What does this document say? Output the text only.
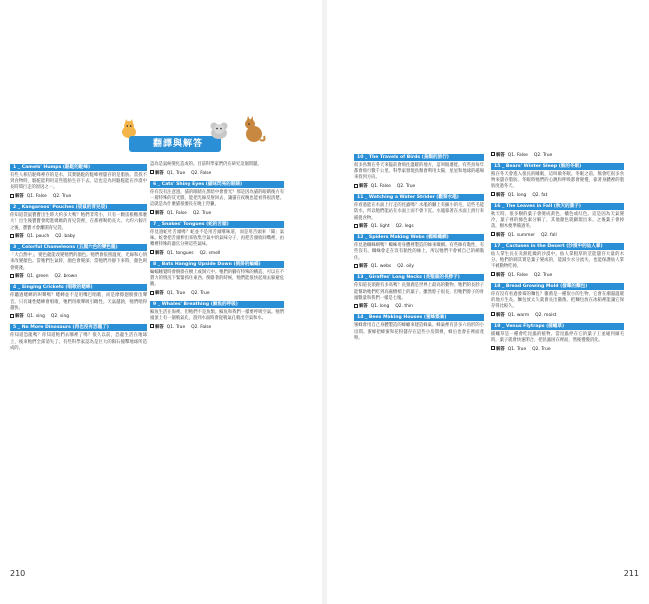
翻譯與解答
1 _ Camels' Humps (駱駝的駝峰)
有些人相信駝峰裡存的是水，其實駱駝的駝峰裡儲存的是脂肪。當找不到食物時，駱駝能利用這些脂肪生存下去。這也是為何駱駝能在沙漠中長時間行走的原因之一。
解答 Q1. False Q2. True
2 _ Kangaroos' Pouches (袋鼠的育兒袋)
你知道袋鼠寶寶出生時大約多大嗎？牠們非常小，只有一顆雷根糖那麼大！出生後寶寶會爬進媽媽的育兒袋裡，在那裡喝奶長大。大約六個月之後，寶寶才會離開育兒袋。
解答 Q1. pouch Q2. baby
3 _ Colorful Chameleons (五顏六色的變色龍)
「大自然中」，變色龍能改變牠們的顏色。牠們會依照溫度、光線和心情來改變顏色。當牠們生氣時，顏色會變深；當牠們冷靜下來時，顏色則會變淺。
解答 Q1. green Q2. brown
4 _ Singing Crickets (唱歌的蟋蟀)
你聽過蟋蟀的叫聲嗎？蟋蟀並不是用嘴巴唱歌，而是摩擦翅膀發出聲音。只有雄性蟋蟀會唱歌，牠們用歌聲吸引雌性。天氣越熱，牠們唱得越快。
解答 Q1. sing Q2. sing
5 _ No More Dinosaurs (再也沒有恐龍了)
你知道恐龍嗎？你知道牠們去哪裡了嗎？很久以前，恐龍生活在地球上，後來牠們全部消失了。有些科學家認為是巨大的隕石撞擊地球所造成的。
認為是氣候變化造成的。目前科學家們仍在研究這個問題。
解答 Q1. True Q2. False
6 _ Cats' Shiny Eyes (貓咪閃亮的眼睛)
你有沒有注意過，貓的眼睛在黑暗中會發光？那是因為貓的眼睛後方有一層特殊的反光膜，能把光線反射回去，讓貓在夜晚也能看得很清楚。這就是為什麼貓很擅長在晚上狩獵。
解答 Q1. False Q2. True
7 _ Snakes' Tongues (蛇的舌頭)
你見過蛇吐舌頭嗎？蛇並不是用舌頭嚐味道，而是用舌頭來「聞」氣味。蛇會把舌頭伸出來收集空氣中的氣味分子，再把舌頭收回嘴裡，由嘴裡特殊的器官分辨這些氣味。
解答 Q1. tongues Q2. smell
8 _ Bats Hanging Upside Down (倒掛的蝙蝠)
蝙蝠睡覺時會倒掛在樹上或洞穴中。牠們的腳有特殊的構造，可以在不費力的情況下緊緊抓住東西。倒掛著的時候，牠們能很快起飛去躲避危險。
解答 Q1. True Q2. True
9 _ Whales' Breathing (鯨魚的呼吸)
鯨魚生活在海裡，但牠們不是魚類。鯨魚和我們一樣要呼吸空氣。牠們頭頂上有一個噴氣孔，游到水面時會從噴氣孔噴出空氣和水。
解答 Q1. True Q2. False
210
10 _ The Travels of Birds (鳥類的旅行)
很多鳥類在冬天來臨前會飛往溫暖的地方，這叫做遷徙。有些鳥每年都會飛行數千公里。科學家發現鳥類會利用太陽、星星和地球的磁場來找到方向。
解答 Q1. False Q2. True
11 _ Watching a Water Strider (觀察水黽)
你看過能在水面上行走的昆蟲嗎？水黽的腳上有細小的毛，這些毛能防水，所以牠們能站在水面上而不會下沉。水黽靠著在水面上滑行來捕捉食物。
解答 Q1. light Q2. legs
12 _ Spiders Making Webs (蜘蛛織網)
你見過蜘蛛網嗎？蜘蛛用身體裡製造的絲來織網。有些絲有黏性，有些沒有。蜘蛛會走在沒有黏性的絲上，所以牠們不會被自己的網黏住。
解答 Q1. webs Q2. oily
13 _ Giraffes' Long Necks (長頸鹿的長脖子)
你知道長頸鹿有多高嗎？長頸鹿是世界上最高的動物。牠們的長脖子能幫助牠們吃到高處樹梢上的葉子。雖然脖子很長，但牠們脖子的骨頭數量和我們一樣是七塊。
解答 Q1. long Q2. thin
14 _ Bees Making Houses (蜜蜂築巢)
蜜蜂會用自己身體製造的蜂蠟來建造蜂巢。蜂巢裡有許多六角形的小房間。蜜蜂把蜂蜜和花粉儲存在這些小房間裡，蜂后也會在裡面產卵。
解答 Q1. False Q2. True
15 _ Bears' Winter Sleep (熊的冬眠)
熊在冬天會進入很長的睡眠，這叫做冬眠。冬眠之前，熊會吃很多食物來儲存脂肪。冬眠時牠們的心跳和呼吸都會變慢，靠著身體裡的脂肪度過冬天。
解答 Q1. long Q2. fat
16 _ The Leaves in Fall (秋天的葉子)
秋天時，很多樹的葉子會變成黃色、橘色或紅色。這是因為天氣變冷，葉子裡的綠色素分解了，其他顏色就顯現出來。之後葉子會掉落，樹木便準備過冬。
解答 Q1. summer Q2. fall
17 _ Cactuses in the Desert (沙漠中的仙人掌)
仙人掌生長在炎熱乾燥的沙漠中。仙人掌粗厚的莖能儲存大量的水分。牠們的刺其實是葉子變成的，能減少水分流失，也能保護仙人掌不被動物吃掉。
解答 Q1. False Q2. True
18 _ Bread Growing Mold (發霉的麵包)
你有沒有看過發霉的麵包？黴菌是一種很小的生物，它會在潮濕溫暖的地方生長。麵包放太久就會長出黴菌。把麵包放在冰箱裡能讓它保存得比較久。
解答 Q1. warm Q2. moist
19 _ Venus Flytraps (捕蠅草)
捕蠅草是一種會吃昆蟲的植物。當昆蟲停在它的葉子上並碰到細毛時，葉子就會快速閉合，把昆蟲困在裡面，然後慢慢消化。
解答 Q1. True Q2. True
211
